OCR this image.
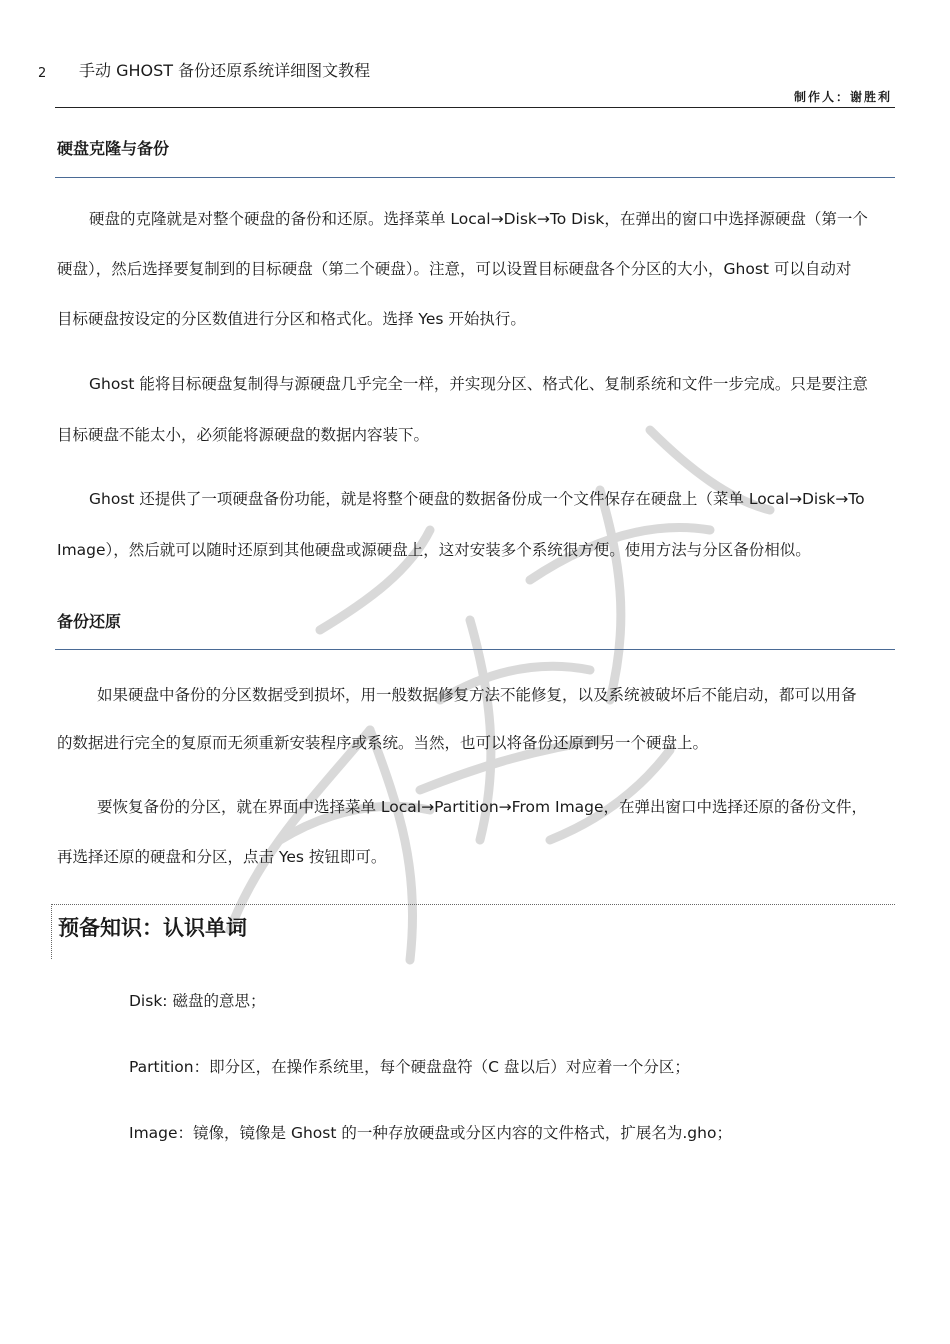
2 手动 GHOST 备份还原系统详细图文教程
制作人：谢胜利
硬盘克隆与备份
硬盘的克隆就是对整个硬盘的备份和还原。选择菜单 Local→Disk→To Disk，在弹出的窗口中选择源硬盘（第一个
硬盘），然后选择要复制到的目标硬盘（第二个硬盘）。注意，可以设置目标硬盘各个分区的大小，Ghost 可以自动对
目标硬盘按设定的分区数值进行分区和格式化。选择 Yes 开始执行。
Ghost 能将目标硬盘复制得与源硬盘几乎完全一样，并实现分区、格式化、复制系统和文件一步完成。只是要注意
目标硬盘不能太小，必须能将源硬盘的数据内容装下。
Ghost 还提供了一项硬盘备份功能，就是将整个硬盘的数据备份成一个文件保存在硬盘上（菜单 Local→Disk→To
Image），然后就可以随时还原到其他硬盘或源硬盘上，这对安装多个系统很方便。使用方法与分区备份相似。
备份还原
如果硬盘中备份的分区数据受到损坏，用一般数据修复方法不能修复，以及系统被破坏后不能启动，都可以用备
的数据进行完全的复原而无须重新安装程序或系统。当然，也可以将备份还原到另一个硬盘上。
要恢复备份的分区，就在界面中选择菜单 Local→Partition→From Image，在弹出窗口中选择还原的备份文件，
再选择还原的硬盘和分区，点击 Yes 按钮即可。
预备知识：认识单词
Disk: 磁盘的意思；
Partition：即分区，在操作系统里，每个硬盘盘符（C 盘以后）对应着一个分区；
Image：镜像，镜像是 Ghost 的一种存放硬盘或分区内容的文件格式，扩展名为.gho；
